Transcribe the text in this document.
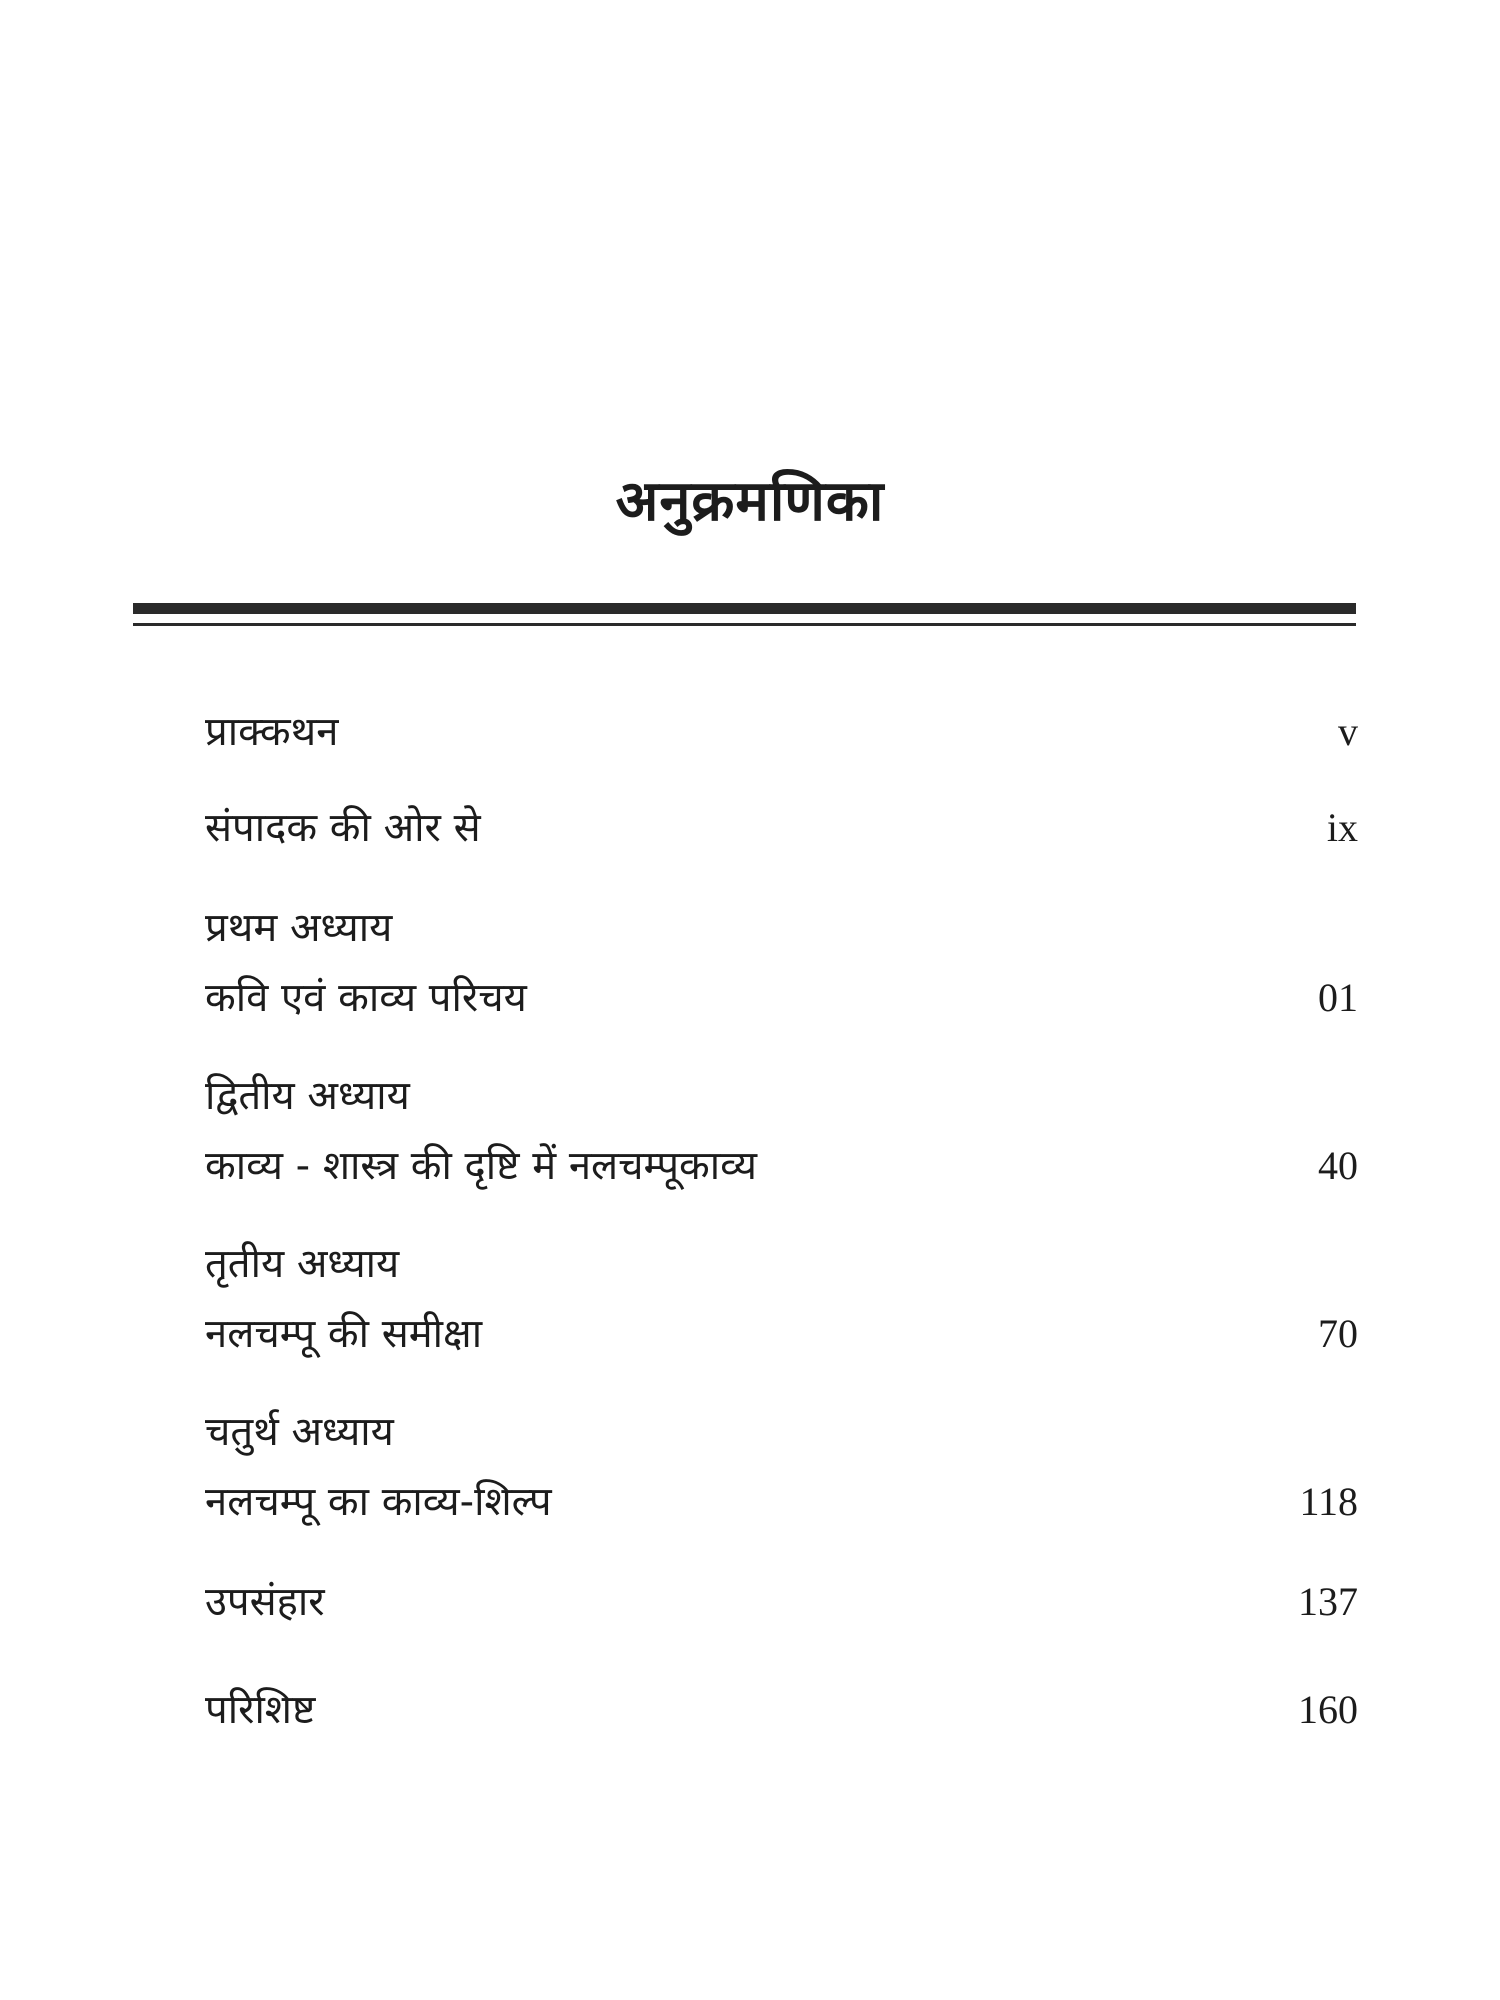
अनुक्रमणिका
प्राक्कथन	v
संपादक की ओर से	ix
प्रथम अध्याय
कवि एवं काव्य परिचय	01
द्वितीय अध्याय
काव्य - शास्त्र की दृष्टि में नलचम्पूकाव्य	40
तृतीय अध्याय
नलचम्पू की समीक्षा	70
चतुर्थ अध्याय
नलचम्पू का काव्य-शिल्प	118
उपसंहार	137
परिशिष्ट	160
